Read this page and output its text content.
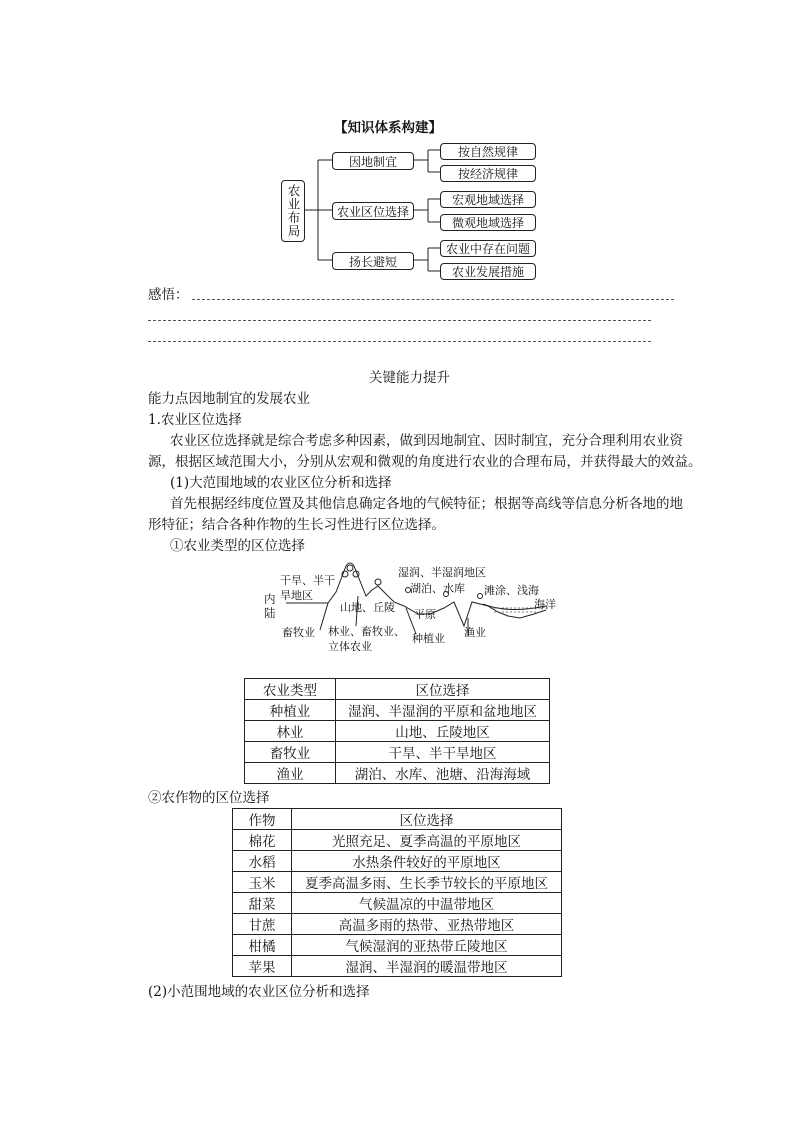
【知识体系构建】
农业布局
因地制宜
农业区位选择
扬长避短
按自然规律
按经济规律
宏观地域选择
微观地域选择
农业中存在问题
农业发展措施
感悟：
关键能力提升
能力点因地制宜的发展农业
1.农业区位选择
农业区位选择就是综合考虑多种因素，做到因地制宜、因时制宜，充分合理利用农业资
源，根据区域范围大小，分别从宏观和微观的角度进行农业的合理布局，并获得最大的效益。
(1)大范围地域的农业区位分析和选择
首先根据经纬度位置及其他信息确定各地的气候特征；根据等高线等信息分析各地的地
形特征；结合各种作物的生长习性进行区位选择。
①农业类型的区位选择
内陆
干旱、半干旱地区
湿润、半湿润地区
湖泊、水库 滩涂、浅海
海洋
山地、丘陵
平原
畜牧业 林业、畜牧业、立体农业
种植业 渔业
农业类型	区位选择
种植业	湿润、半湿润的平原和盆地地区
林业	山地、丘陵地区
畜牧业	干旱、半干旱地区
渔业	湖泊、水库、池塘、沿海海域
②农作物的区位选择
作物	区位选择
棉花	光照充足、夏季高温的平原地区
水稻	水热条件较好的平原地区
玉米	夏季高温多雨、生长季节较长的平原地区
甜菜	气候温凉的中温带地区
甘蔗	高温多雨的热带、亚热带地区
柑橘	气候湿润的亚热带丘陵地区
苹果	湿润、半湿润的暖温带地区
(2)小范围地域的农业区位分析和选择
